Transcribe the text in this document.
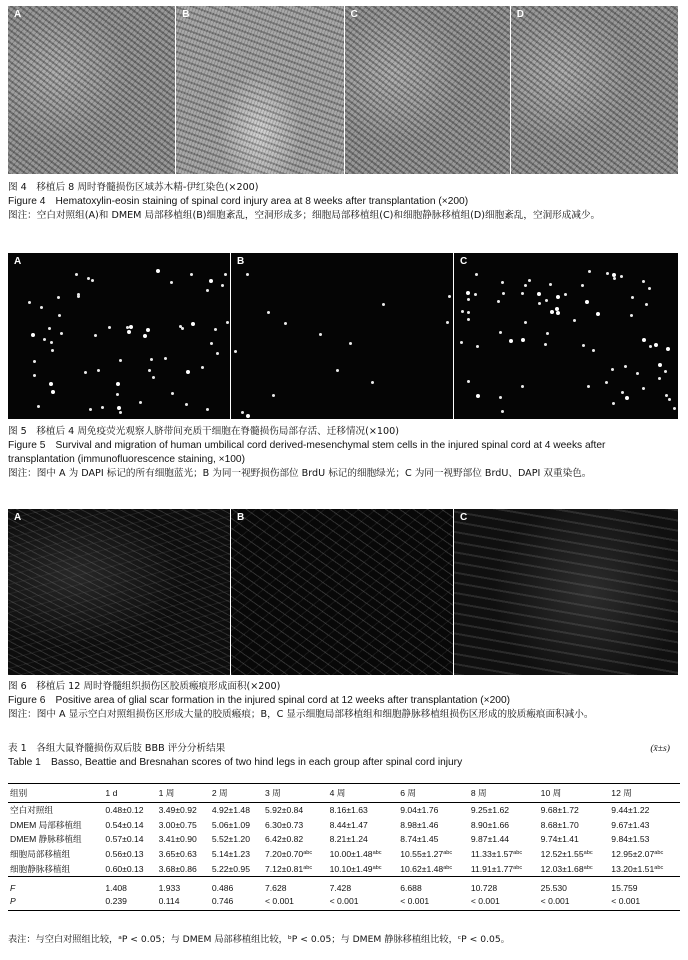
A	B	C	D

图 4　移植后 8 周时脊髓损伤区域苏木精-伊红染色(×200)

Figure 4　Hematoxylin-eosin staining of spinal cord injury area at 8 weeks after transplantation (×200)

图注：空白对照组(A)和 DMEM 局部移植组(B)细胞紊乱，空洞形成多；细胞局部移植组(C)和细胞静脉移植组(D)细胞紊乱，空洞形成减少。

A	B	C

图 5　移植后 4 周免疫荧光观察人脐带间充质干细胞在脊髓损伤局部存活、迁移情况(×100)

Figure 5　Survival and migration of human umbilical cord derived-mesenchymal stem cells in the injured spinal cord at 4 weeks after

transplantation (immunofluorescence staining, ×100)

图注：图中 A 为 DAPI 标记的所有细胞蓝光；B 为同一视野损伤部位 BrdU 标记的细胞绿光；C 为同一视野部位 BrdU、DAPI 双重染色。

A	B	C

图 6　移植后 12 周时脊髓组织损伤区胶质瘢痕形成面积(×200)

Figure 6　Positive area of glial scar formation in the injured spinal cord at 12 weeks after transplantation (×200)

图注：图中 A 显示空白对照组损伤区形成大量的胶质瘢痕；B，C 显示细胞局部移植组和细胞静脉移植组损伤区形成的胶质瘢痕面积减小。

表 1　各组大鼠脊髓损伤双后肢 BBB 评分分析结果

Table 1　Basso, Beattie and Bresnahan scores of two hind legs in each group after spinal cord injury

(x̄±s)
组别	1 d	1 周	2 周	3 周	4 周	6 周	8 周	10 周	12 周
空白对照组	0.48±0.12	3.49±0.92	4.92±1.48	5.92±0.84	8.16±1.63	9.04±1.76	9.25±1.62	9.68±1.72	9.44±1.22
DMEM 局部移植组	0.54±0.14	3.00±0.75	5.06±1.09	6.30±0.73	8.44±1.47	8.98±1.46	8.90±1.66	8.68±1.70	9.67±1.43
DMEM 静脉移植组	0.57±0.14	3.41±0.90	5.52±1.20	6.42±0.82	8.21±1.24	8.74±1.45	9.87±1.44	9.74±1.41	9.84±1.53
细胞局部移植组	0.56±0.13	3.65±0.63	5.14±1.23	7.20±0.70$^{abc}$	10.00±1.48$^{abc}$	10.55±1.27$^{abc}$	11.33±1.57$^{abc}$	12.52±1.55$^{abc}$	12.95±2.07$^{abc}$
细胞静脉移植组	0.60±0.13	3.68±0.86	5.22±0.95	7.12±0.81$^{abc}$	10.10±1.49$^{abc}$	10.62±1.48$^{abc}$	11.91±1.77$^{abc}$	12.03±1.68$^{abc}$	13.20±1.51$^{abc}$
F	1.408	1.933	0.486	7.628	7.428	6.688	10.728	25.530	15.759
P	0.239	0.114	0.746	< 0.001	< 0.001	< 0.001	< 0.001	< 0.001	< 0.001
表注：与空白对照组比较，ᵃP < 0.05；与 DMEM 局部移植组比较，ᵇP < 0.05；与 DMEM 静脉移植组比较，ᶜP < 0.05。
